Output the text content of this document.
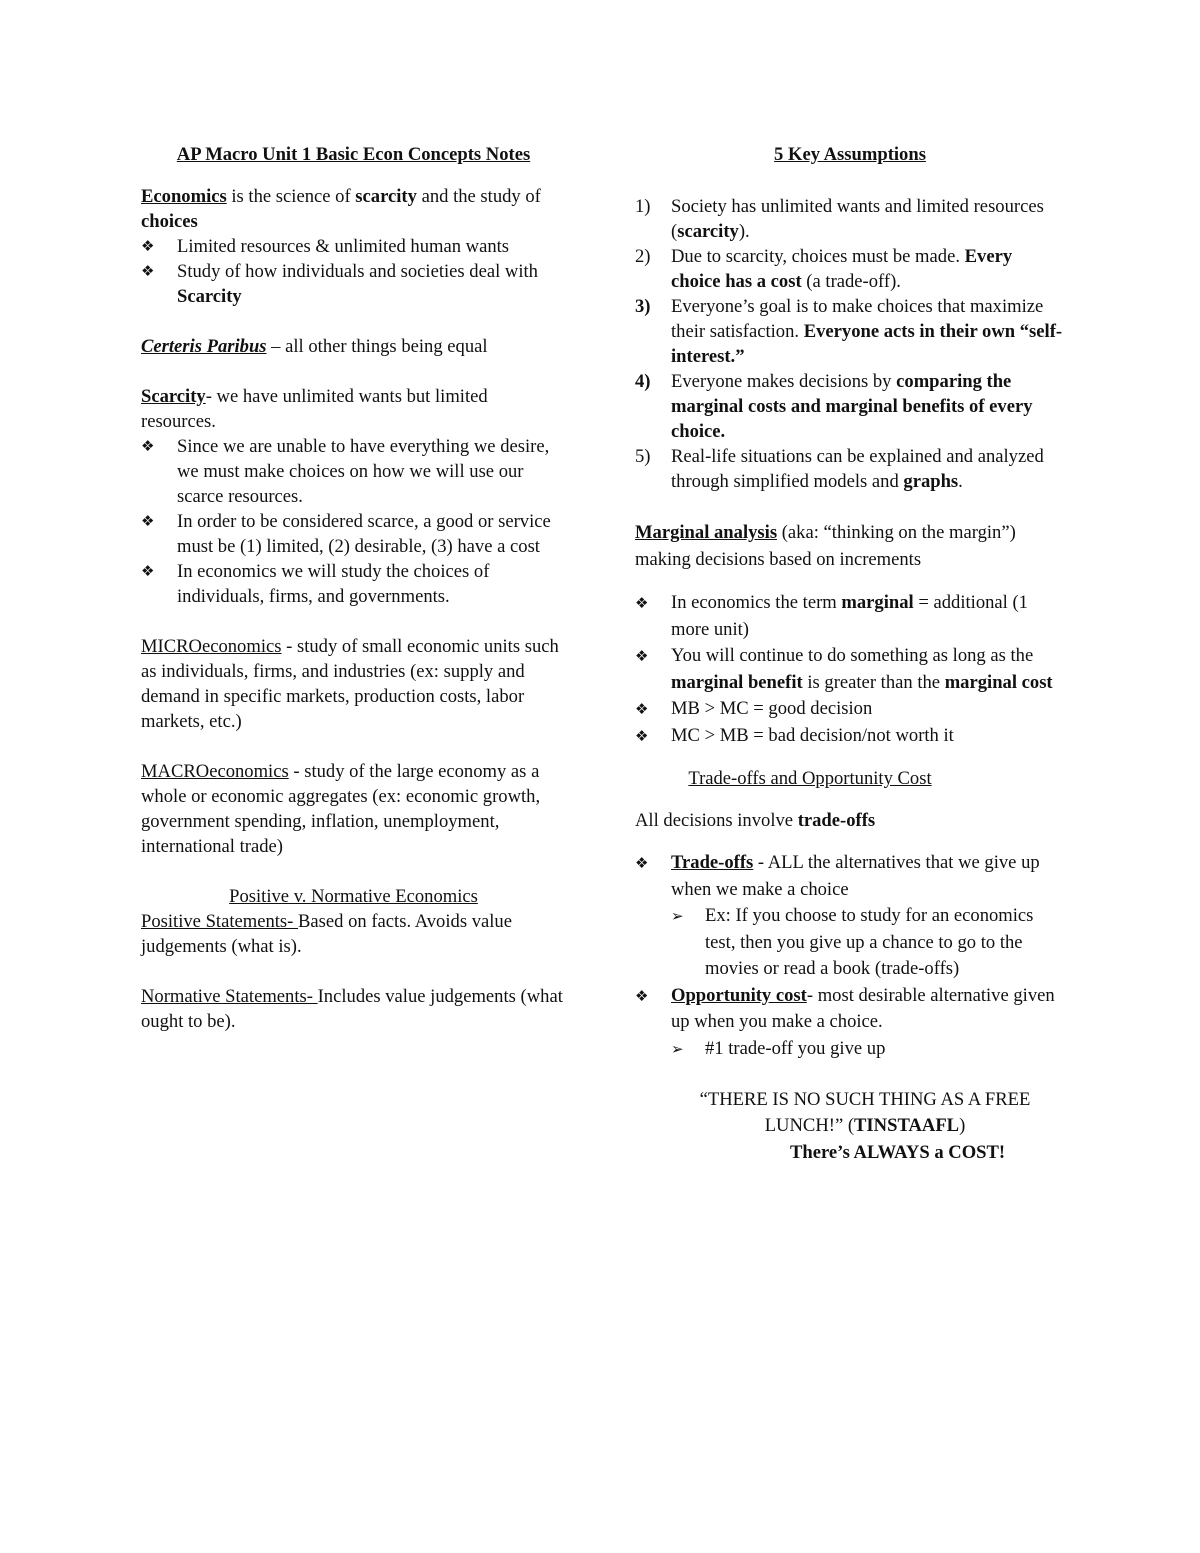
AP Macro Unit 1 Basic Econ Concepts Notes

Economics is the science of scarcity and the study of choices

❖	Limited resources & unlimited human wants
❖	Study of how individuals and societies deal with Scarcity

Certeris Paribus – all other things being equal

Scarcity- we have unlimited wants but limited resources.

❖	Since we are unable to have everything we desire, we must make choices on how we will use our scarce resources.
❖	In order to be considered scarce, a good or service must be (1) limited, (2) desirable, (3) have a cost
❖	In economics we will study the choices of individuals, firms, and governments.

MICROeconomics - study of small economic units such as individuals, firms, and industries (ex: supply and demand in specific markets, production costs, labor markets, etc.)

MACROeconomics - study of the large economy as a whole or economic aggregates (ex: economic growth, government spending, inflation, unemployment, international trade)

Positive v. Normative Economics

Positive Statements- Based on facts. Avoids value judgements (what is).

Normative Statements- Includes value judgements (what ought to be).

5 Key Assumptions

1) Society has unlimited wants and limited resources (scarcity).
2) Due to scarcity, choices must be made. Every choice has a cost (a trade-off).
3) Everyone’s goal is to make choices that maximize their satisfaction. Everyone acts in their own “self-interest.”
4) Everyone makes decisions by comparing the marginal costs and marginal benefits of every choice.
5) Real-life situations can be explained and analyzed through simplified models and graphs.

Marginal analysis (aka: “thinking on the margin”) making decisions based on increments

❖	In economics the term marginal = additional (1 more unit)
❖	You will continue to do something as long as the marginal benefit is greater than the marginal cost
❖	MB > MC = good decision
❖	MC > MB = bad decision/not worth it

Trade-offs and Opportunity Cost

All decisions involve trade-offs

❖	Trade-offs - ALL the alternatives that we give up when we make a choice
➢ Ex: If you choose to study for an economics test, then you give up a chance to go to the movies or read a book (trade-offs)
❖	Opportunity cost- most desirable alternative given up when you make a choice.
➢ #1 trade-off you give up

“THERE IS NO SUCH THING AS A FREE LUNCH!” (TINSTAAFL)

There’s ALWAYS a COST!
